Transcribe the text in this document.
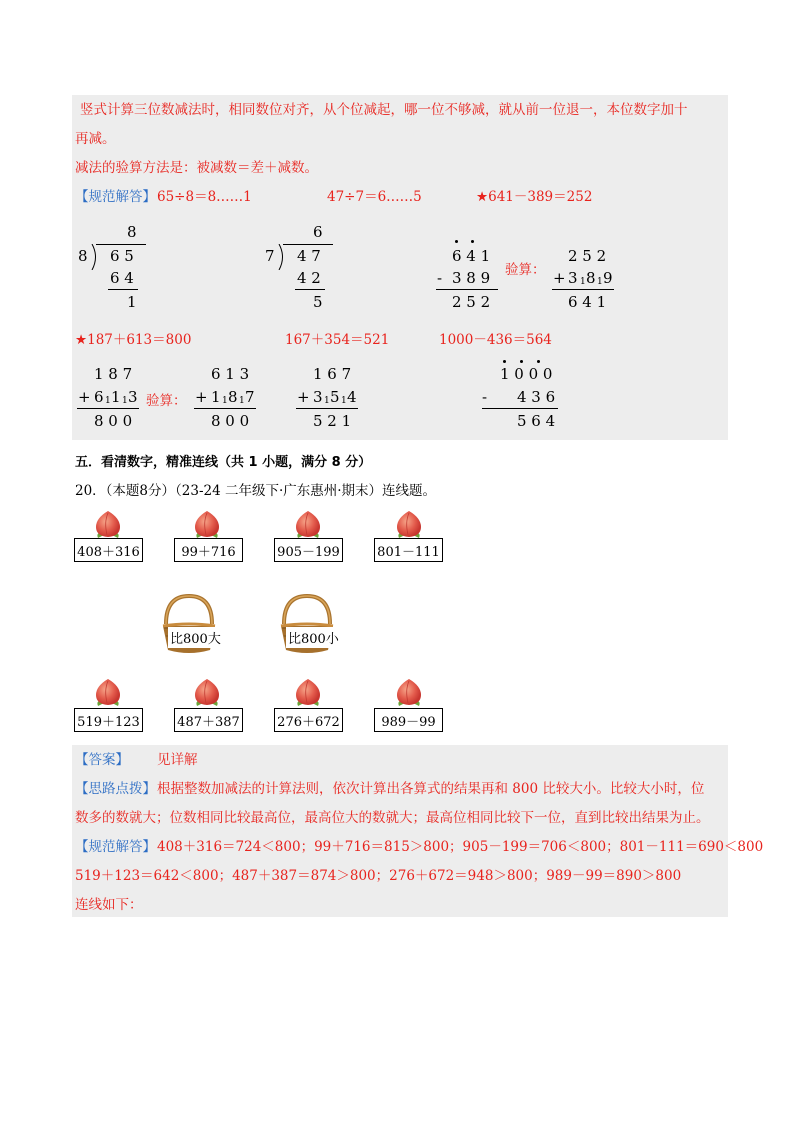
竖式计算三位数减法时，相同数位对齐，从个位减起，哪一位不够减，就从前一位退一，本位数字加十
再减。
减法的验算方法是：被减数＝差＋减数。
【规范解答】 65÷8＝8……1	47÷7＝6……5	★641－389＝252
8
8 6 5
6 4
1
6
7 4 7
4 2
5
6 4 1
- 3 8 9
2 5 2
验算：
2 5 2
+ 3 1 8 1 9
6 4 1
★187＋613＝800	167＋354＝521	1000－436＝564
1 8 7
+ 6 1 1 1 3
8 0 0
验算：
6 1 3
+ 1 1 8 1 7
8 0 0
1 6 7
+ 3 1 5 1 4
5 2 1
1 0 0 0
- 4 3 6
5 6 4
五．看清数字，精准连线（共 1 小题，满分 8 分）
20．（本题8分）（23-24 二年级下·广东惠州·期末）连线题。
408＋316	99＋716	905－199	801－111
比800大	比800小
519＋123	487＋387	276＋672	989－99
【答案】 见详解
【思路点拨】 根据整数加减法的计算法则，依次计算出各算式的结果再和 800 比较大小。比较大小时，位
数多的数就大；位数相同比较最高位，最高位大的数就大；最高位相同比较下一位，直到比较出结果为止。
【规范解答】 408＋316＝724＜800；99＋716＝815＞800；905－199＝706＜800；801－111＝690＜800
519＋123＝642＜800；487＋387＝874＞800；276＋672＝948＞800；989－99＝890＞800
连线如下：
